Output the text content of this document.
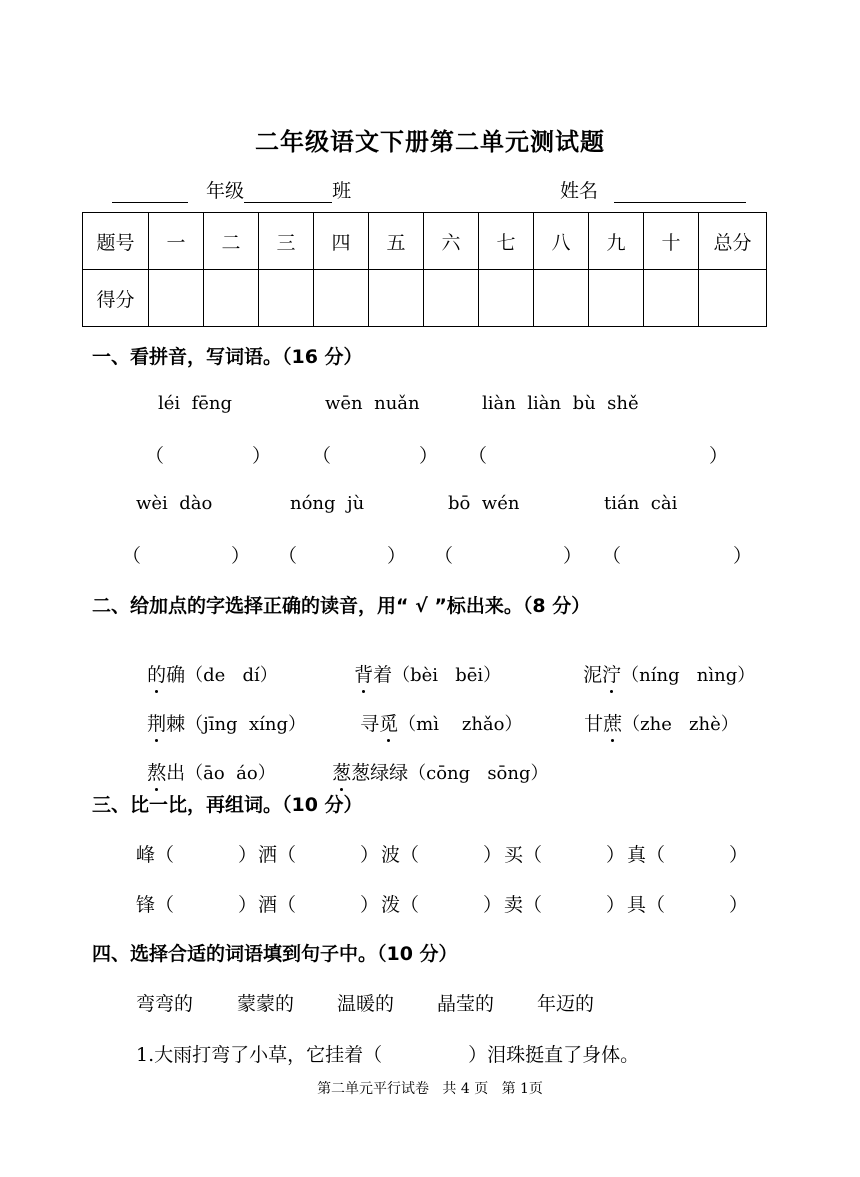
二年级语文下册第二单元测试题
年级	班	姓名
题号	一	二	三	四	五	六	七	八	九	十	总分
得分											
一、看拼音，写词语。（16 分）
léi  fēng	wēn  nuǎn	liàn  liàn  bù  shě
（	） （	） （	）
wèi  dào	nóng  jù	bō  wén	tián  cài
（	） （	） （	） （	）
二、给加点的字选择正确的读音，用“ √ ”标出来。（8 分）

的确（de   dí）	背着（bèi   bēi）	泥泞（níng   nìng）

荆棘（jīng  xíng）	寻觅（mì    zhǎo）	甘蔗（zhe   zhè）

熬出（āo  áo）	葱葱绿绿（cōng   sōng）

三、比一比，再组词。（10 分）
峰（	） 洒（	） 波（	） 买（	） 真（	）
锋（	） 酒（	） 泼（	） 卖（	） 具（	）
四、选择合适的词语填到句子中。（10 分）
弯弯的 蒙蒙的 温暖的 晶莹的 年迈的
1.大雨打弯了小草，它挂着（	）泪珠挺直了身体。
第二单元平行试卷   共 4 页   第 1页
